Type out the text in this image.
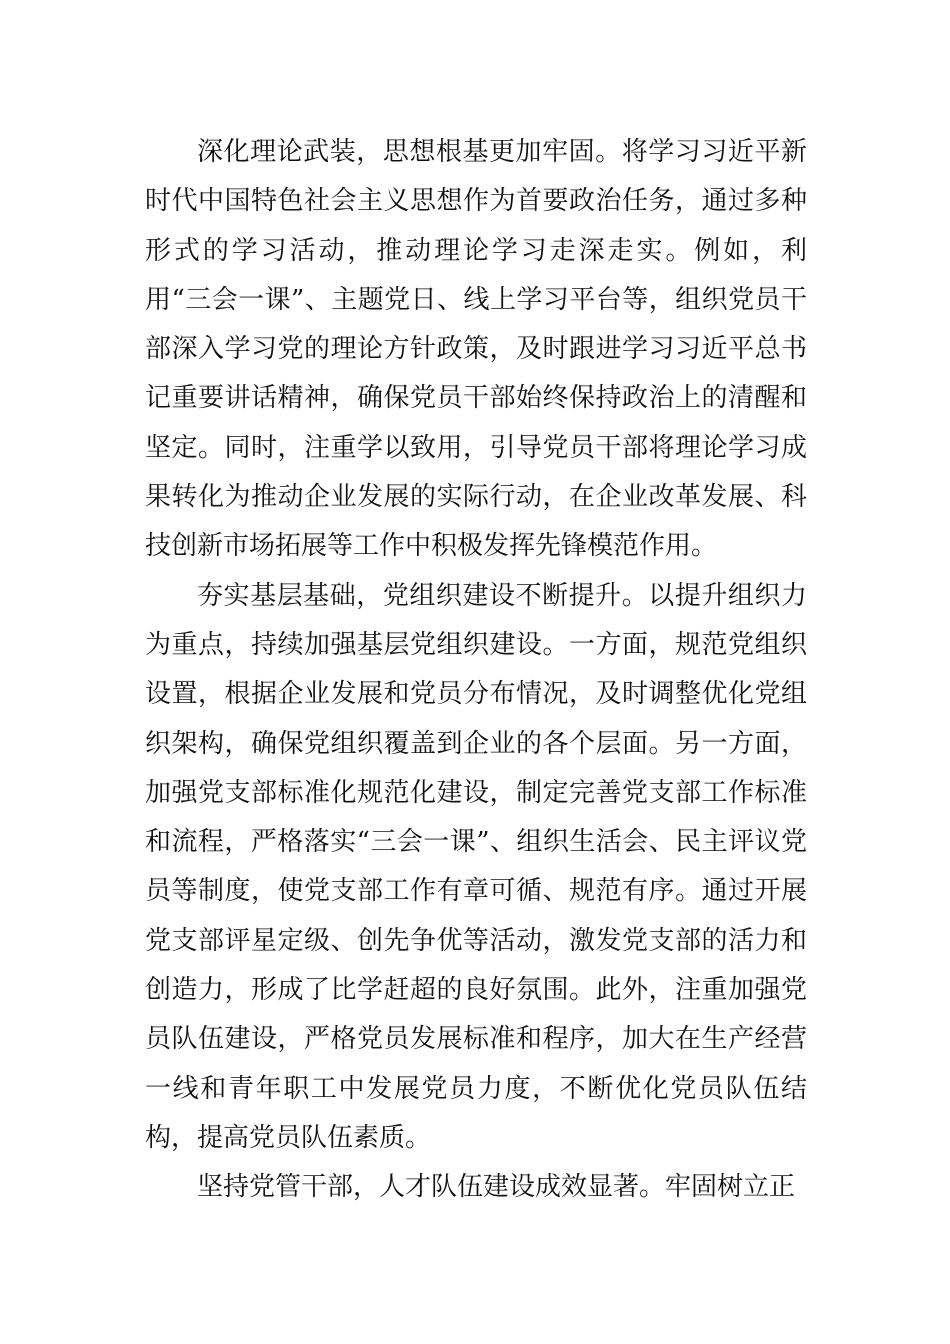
深化理论武装，思想根基更加牢固。将学习习近平新时代中国特色社会主义思想作为首要政治任务，通过多种形式的学习活动，推动理论学习走深走实。例如，利用“三会一课”、主题党日、线上学习平台等，组织党员干部深入学习党的理论方针政策，及时跟进学习习近平总书记重要讲话精神，确保党员干部始终保持政治上的清醒和坚定。同时，注重学以致用，引导党员干部将理论学习成果转化为推动企业发展的实际行动，在企业改革发展、科技创新市场拓展等工作中积极发挥先锋模范作用。

夯实基层基础，党组织建设不断提升。以提升组织力为重点，持续加强基层党组织建设。一方面，规范党组织设置，根据企业发展和党员分布情况，及时调整优化党组织架构，确保党组织覆盖到企业的各个层面。另一方面，加强党支部标准化规范化建设，制定完善党支部工作标准和流程，严格落实“三会一课”、组织生活会、民主评议党员等制度，使党支部工作有章可循、规范有序。通过开展党支部评星定级、创先争优等活动，激发党支部的活力和创造力，形成了比学赶超的良好氛围。此外，注重加强党员队伍建设，严格党员发展标准和程序，加大在生产经营一线和青年职工中发展党员力度，不断优化党员队伍结构，提高党员队伍素质。

坚持党管干部，人才队伍建设成效显著。牢固树立正
